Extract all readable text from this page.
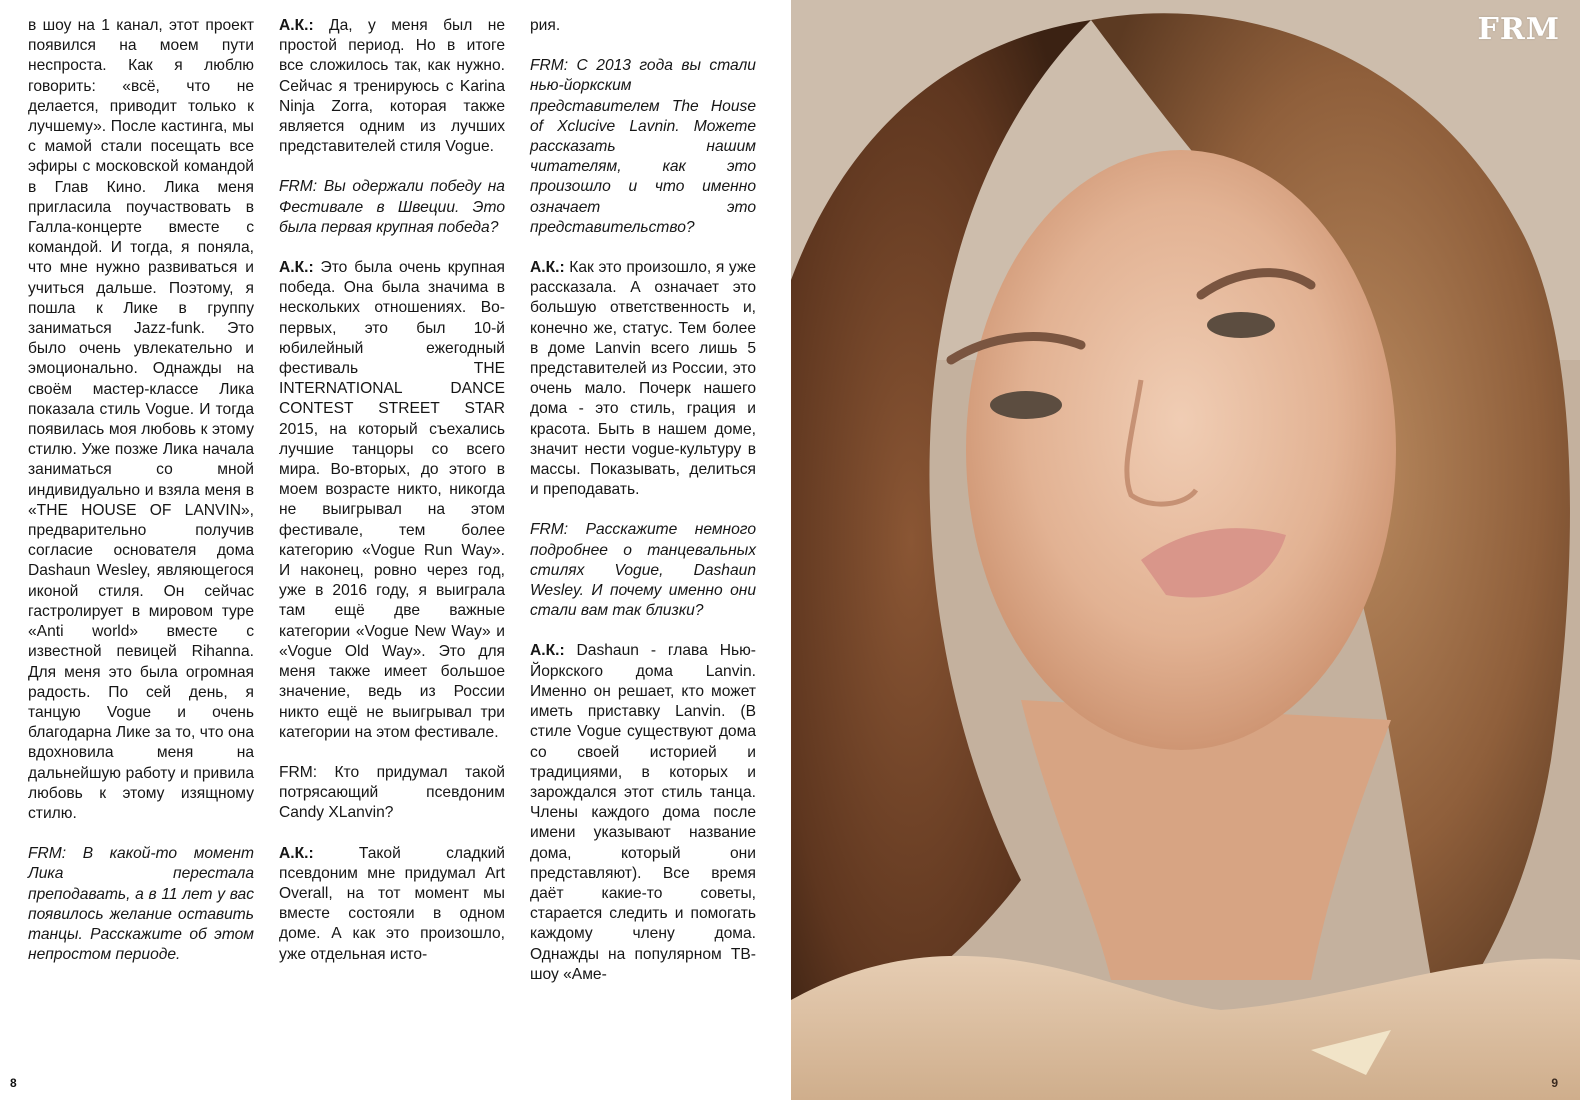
в шоу на 1 канал, этот проект появился на моем пути неспроста. Как я люблю говорить: «всё, что не делается, приводит только к лучшему». После кастинга, мы с мамой стали посещать все эфиры с московской командой в Глав Кино. Лика меня пригласила поучаствовать в Галла-концерте вместе с командой. И тогда, я поняла, что мне нужно развиваться и учиться дальше. Поэтому, я пошла к Лике в группу заниматься Jazz-funk. Это было очень увлекательно и эмоционально. Однажды на своём мастер-классе Лика показала стиль Vogue. И тогда появилась моя любовь к этому стилю. Уже позже Лика начала заниматься со мной индивидуально и взяла меня в «THE HOUSE OF LANVIN», предварительно получив согласие основателя дома Dashaun Wesley, являющегося иконой стиля. Он сейчас гастролирует в мировом туре «Anti world» вместе с известной певицей Rihanna. Для меня это была огромная радость. По сей день, я танцую Vogue и очень благодарна Лике за то, что она вдохновила меня на дальнейшую работу и привила любовь к этому изящному стилю.

FRM: В какой-то момент Лика перестала преподавать, а в 11 лет у вас появилось желание оставить танцы. Расскажите об этом непростом периоде.

А.К.: Да, у меня был не простой период. Но в итоге все сложилось так, как нужно. Сейчас я тренируюсь с Karina Ninja Zorra, которая также является одним из лучших представителей стиля Vogue.

FRM: Вы одержали победу на Фестивале в Швеции. Это была первая крупная победа?

А.К.: Это была очень крупная победа. Она была значима в нескольких отношениях. Во-первых, это был 10-й юбилейный ежегодный фестиваль THE INTERNATIONAL DANCE CONTEST STREET STAR 2015, на который съехались лучшие танцоры со всего мира. Во-вторых, до этого в моем возрасте никто, никогда не выигрывал на этом фестивале, тем более категорию «Vogue Run Way». И наконец, ровно через год, уже в 2016 году, я выиграла там ещё две важные категории «Vogue New Way» и «Vogue Old Way». Это для меня также имеет большое значение, ведь из России никто ещё не выигрывал три категории на этом фестивале.

FRM: Кто придумал такой потрясающий псевдоним Candy XLanvin?

А.К.: Такой сладкий псевдоним мне придумал Art Overall, на тот момент мы вместе состояли в одном доме. А как это произошло, уже отдельная исто-

рия.

FRM: С 2013 года вы стали нью-йоркским представителем The House of Xclucive Lavnin. Можете рассказать нашим читателям, как это произошло и что именно означает это представительство?

А.К.: Как это произошло, я уже рассказала. А означает это большую ответственность и, конечно же, статус. Тем более в доме Lanvin всего лишь 5 представителей из России, это очень мало. Почерк нашего дома - это стиль, грация и красота. Быть в нашем доме, значит нести vogue-культуру в массы. Показывать, делиться и преподавать.

FRM: Расскажите немного подробнее о танцевальных стилях Vogue, Dashaun Wesley. И почему именно они стали вам так близки?

А.К.: Dashaun - глава Нью-Йоркского дома Lanvin. Именно он решает, кто может иметь приставку Lanvin. (В стиле Vogue существуют дома со своей историей и традициями, в которых и зарождался этот стиль танца. Члены каждого дома после имени указывают название дома, который они представляют). Все время даёт какие-то советы, старается следить и помогать каждому члену дома. Однажды на популярном ТВ-шоу «Аме-

8
FRM
9
